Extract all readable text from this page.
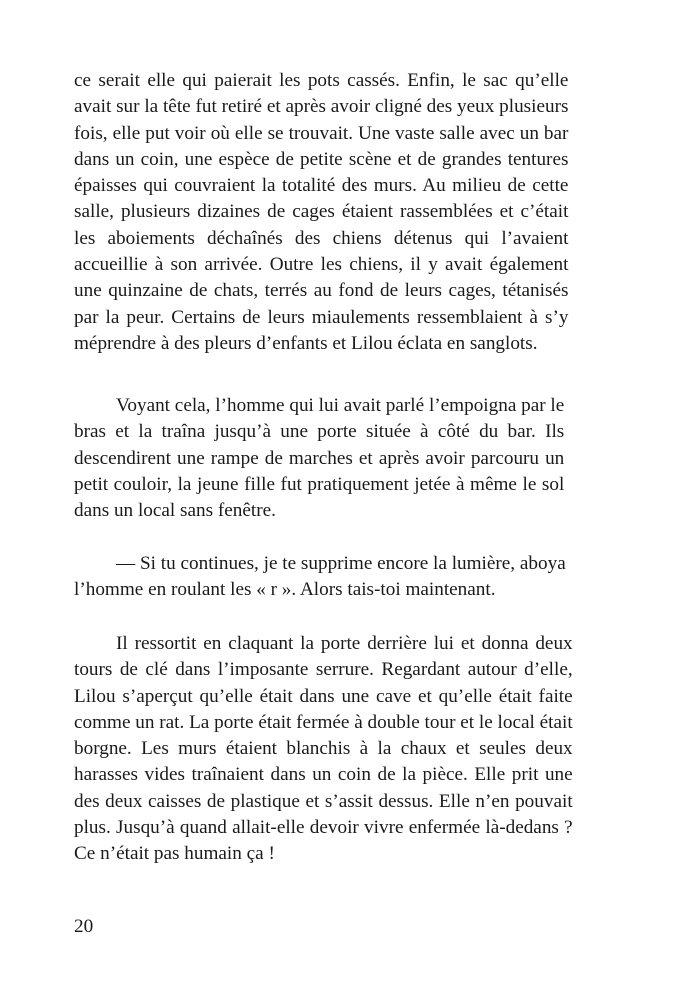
ce serait elle qui paierait les pots cassés. Enfin, le sac qu’elle
avait sur la tête fut retiré et après avoir cligné des yeux plusieurs
fois, elle put voir où elle se trouvait. Une vaste salle avec un bar
dans un coin, une espèce de petite scène et de grandes tentures
épaisses qui couvraient la totalité des murs. Au milieu de cette
salle, plusieurs dizaines de cages étaient rassemblées et c’était
les aboiements déchaînés des chiens détenus qui l’avaient
accueillie à son arrivée. Outre les chiens, il y avait également
une quinzaine de chats, terrés au fond de leurs cages, tétanisés
par la peur. Certains de leurs miaulements ressemblaient à s’y
méprendre à des pleurs d’enfants et Lilou éclata en sanglots.
Voyant cela, l’homme qui lui avait parlé l’empoigna par le
bras et la traîna jusqu’à une porte située à côté du bar. Ils
descendirent une rampe de marches et après avoir parcouru un
petit couloir, la jeune fille fut pratiquement jetée à même le sol
dans un local sans fenêtre.
— Si tu continues, je te supprime encore la lumière, aboya
l’homme en roulant les « r ». Alors tais-toi maintenant.
Il ressortit en claquant la porte derrière lui et donna deux
tours de clé dans l’imposante serrure. Regardant autour d’elle,
Lilou s’aperçut qu’elle était dans une cave et qu’elle était faite
comme un rat. La porte était fermée à double tour et le local était
borgne. Les murs étaient blanchis à la chaux et seules deux
harasses vides traînaient dans un coin de la pièce. Elle prit une
des deux caisses de plastique et s’assit dessus. Elle n’en pouvait
plus. Jusqu’à quand allait-elle devoir vivre enfermée là-dedans ?
Ce n’était pas humain ça !

20
